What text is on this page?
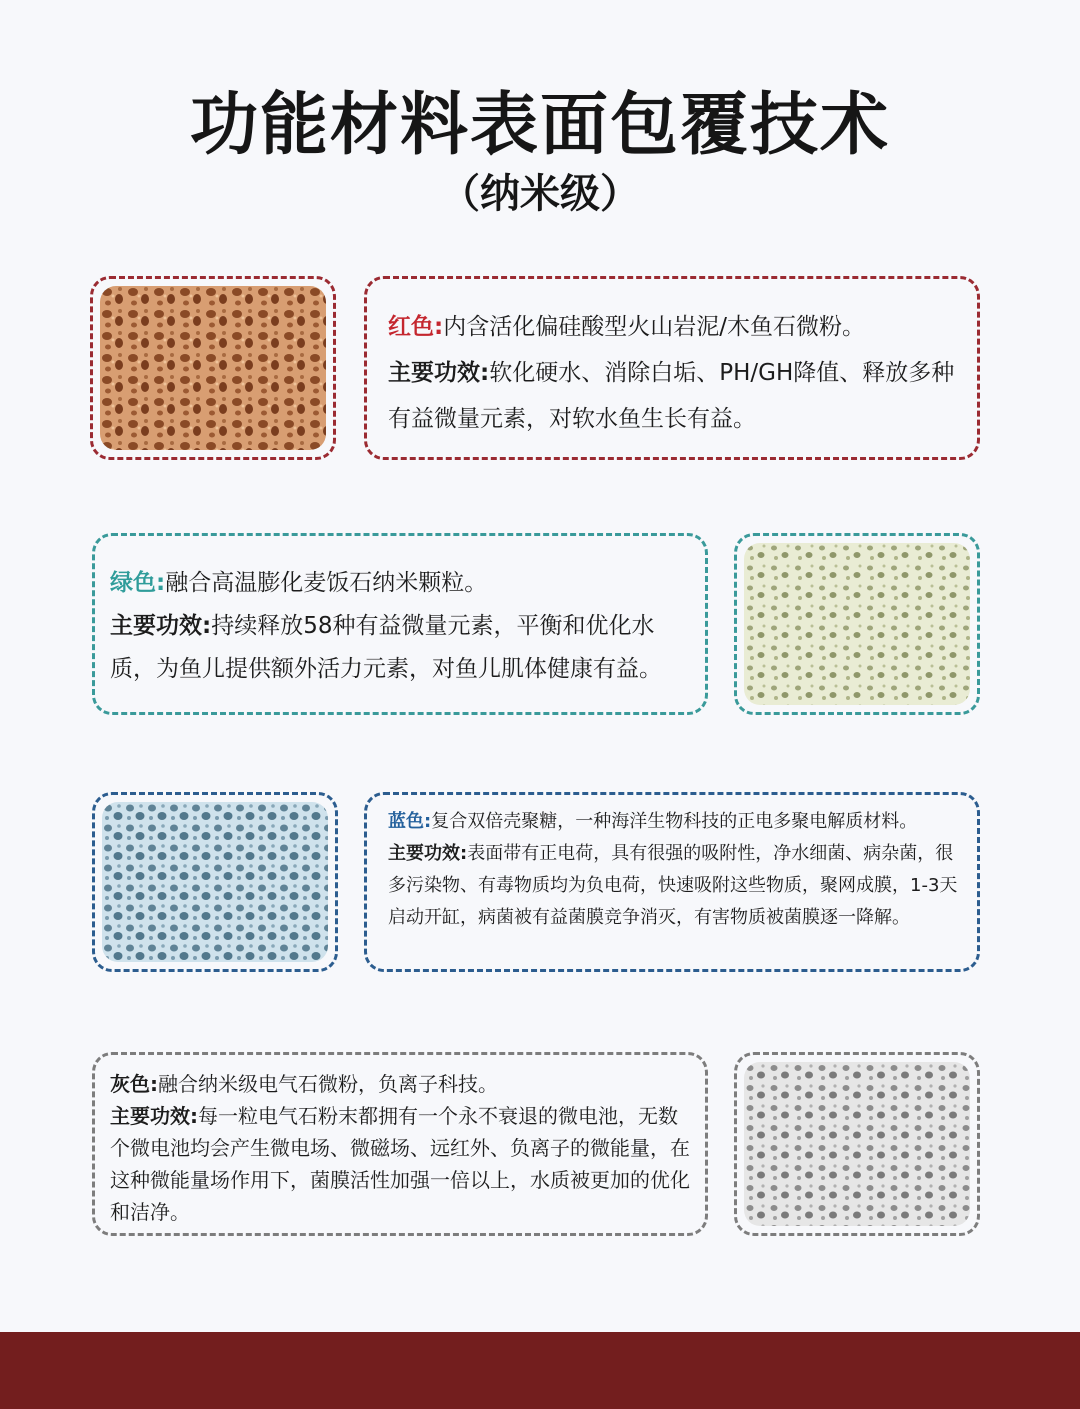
功能材料表面包覆技术
（纳米级）

红色:内含活化偏硅酸型火山岩泥/木鱼石微粉。

主要功效:软化硬水、消除白垢、PH/GH降值、释放多种有益微量元素，对软水鱼生长有益。

绿色:融合高温膨化麦饭石纳米颗粒。

主要功效:持续释放58种有益微量元素，平衡和优化水质，为鱼儿提供额外活力元素，对鱼儿肌体健康有益。

蓝色:复合双倍壳聚糖，一种海洋生物科技的正电多聚电解质材料。

主要功效:表面带有正电荷，具有很强的吸附性，净水细菌、病杂菌，很多污染物、有毒物质均为负电荷，快速吸附这些物质，聚网成膜，1-3天启动开缸，病菌被有益菌膜竞争消灭，有害物质被菌膜逐一降解。

灰色:融合纳米级电气石微粉，负离子科技。

主要功效:每一粒电气石粉末都拥有一个永不衰退的微电池，无数个微电池均会产生微电场、微磁场、远红外、负离子的微能量，在这种微能量场作用下，菌膜活性加强一倍以上，水质被更加的优化和洁净。
